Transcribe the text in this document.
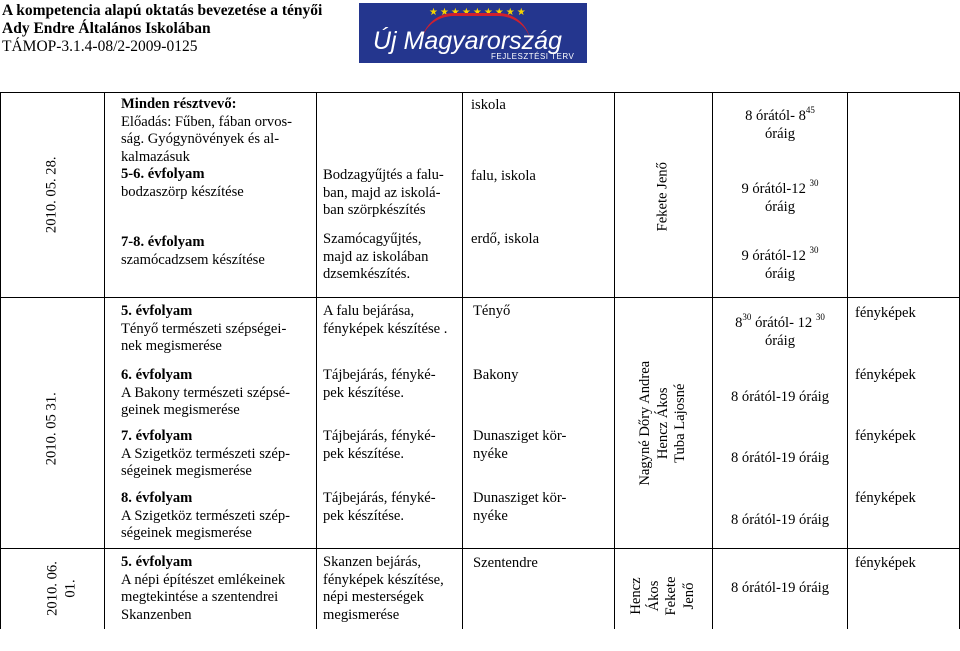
A kompetencia alapú oktatás bevezetése a tényői
Ady Endre Általános Iskolában
TÁMOP-3.1.4-08/2-2009-0125
★★★★★★★★★
Új Magyarország
FEJLESZTÉSI TERV
2010. 05. 28.
Minden résztvevő:
Előadás: Fűben, fában orvos-
ság. Gyógynövények és al-
kalmazásuk
5-6. évfolyam
bodzaszörp készítése
7-8. évfolyam
szamócadzsem készítése
Bodzagyűjtés a falu-
ban, majd az iskolá-
ban szörpkészítés
Szamócagyűjtés,
majd az iskolában
dzsemkészítés.
iskola
falu, iskola
erdő, iskola
Fekete Jenő
8 órától- $8^{45}$
óráig
9 órától-12 $^{30}$
óráig
9 órától-12 $^{30}$
óráig
2010. 05 31.
5. évfolyam
Tényő természeti szépségei-
nek megismerése
6. évfolyam
A Bakony természeti szépsé-
geinek megismerése
7. évfolyam
A Szigetköz természeti szép-
ségeinek megismerése
8. évfolyam
A Szigetköz természeti szép-
ségeinek megismerése
A falu bejárása,
fényképek készítése .
Tájbejárás, fényké-
pek készítése.
Tájbejárás, fényké-
pek készítése.
Tájbejárás, fényké-
pek készítése.
Tényő
Bakony
Dunasziget kör-
nyéke
Dunasziget kör-
nyéke
Nagyné Dőry Andrea Hencz Ákos Tuba Lajosné
$8^{30}$ órától- 12 $^{30}$
óráig
8 órától-19 óráig
8 órától-19 óráig
8 órától-19 óráig
fényképek
fényképek
fényképek
fényképek
2010. 06. 01.
5. évfolyam
A népi építészet emlékeinek
megtekintése a szentendrei
Skanzenben
Skanzen bejárás,
fényképek készítése,
népi mesterségek
megismerése
Szentendre
Hencz Ákos Fekete Jenő	8 órától-19 óráig
fényképek
